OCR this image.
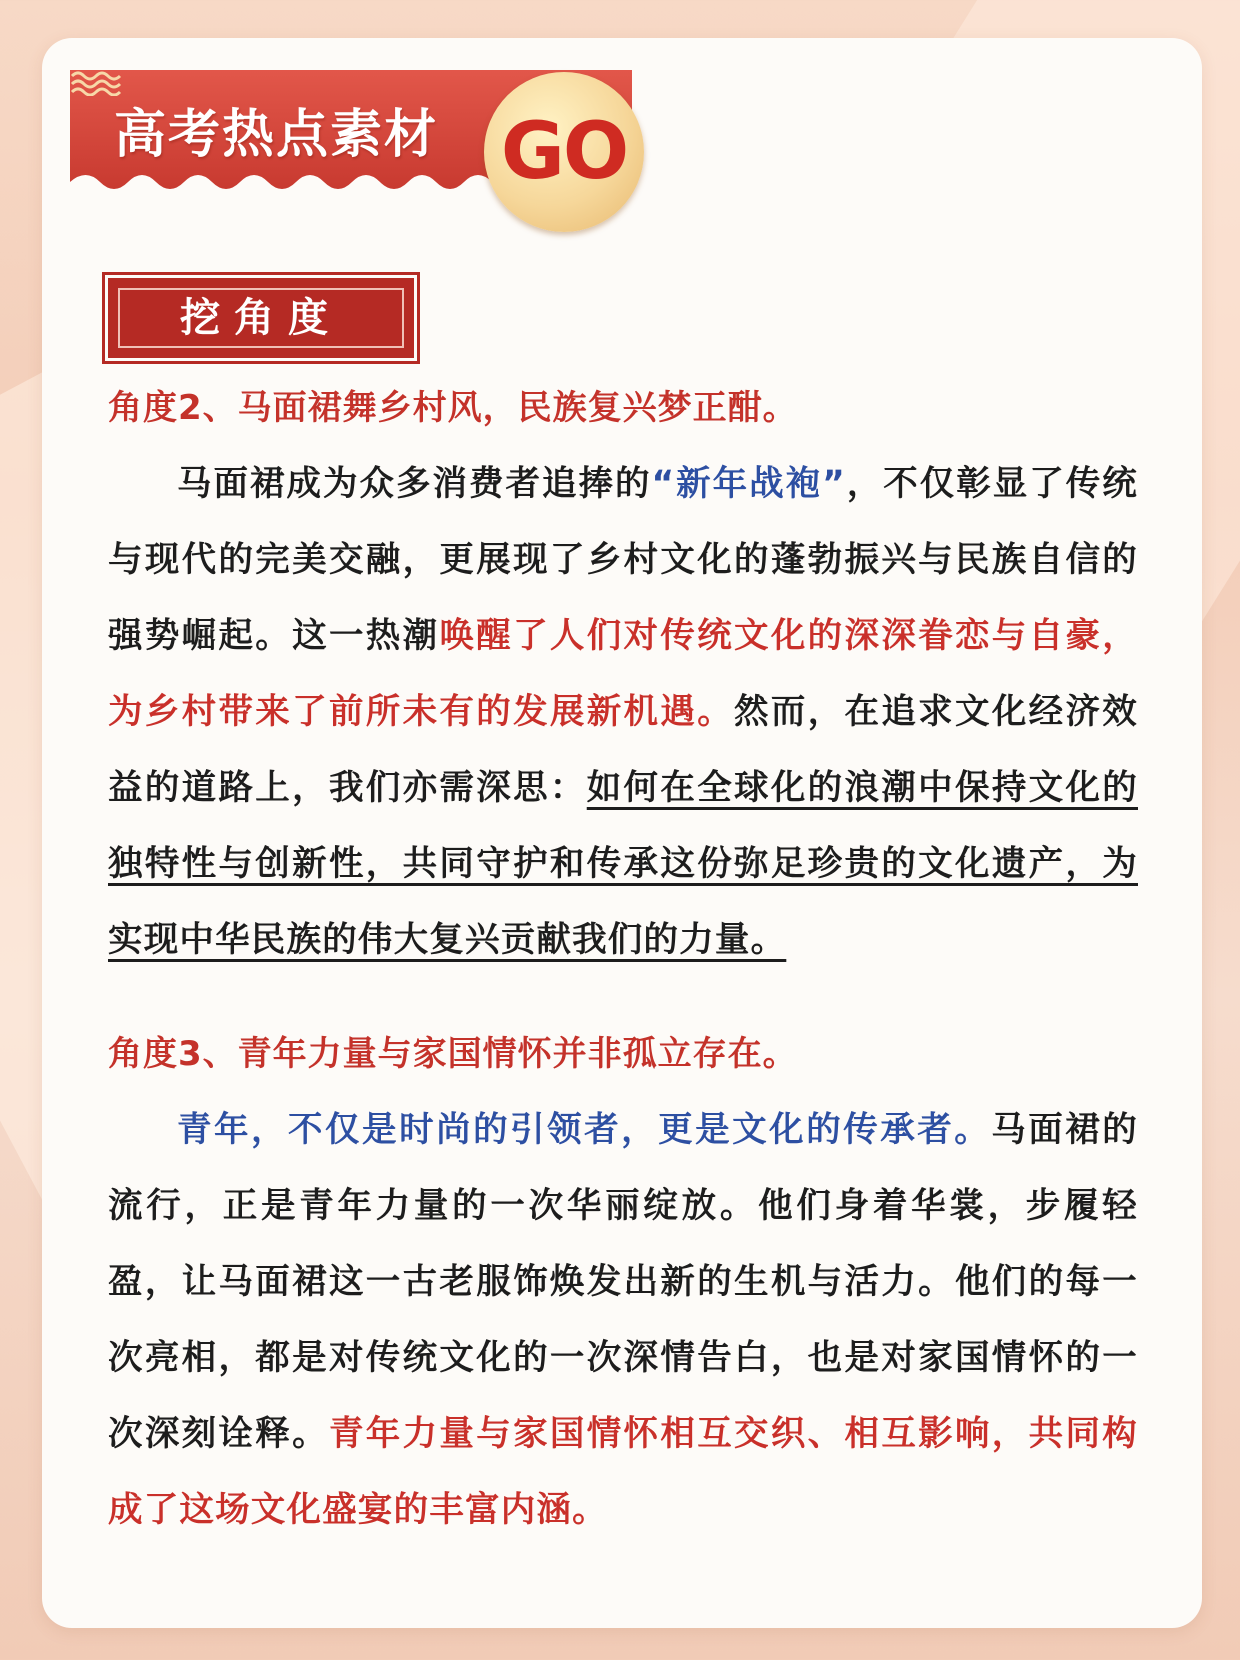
高考热点素材 GO
挖角度

角度2、马面裙舞乡村风，民族复兴梦正酣。

马面裙成为众多消费者追捧的“新年战袍”，不仅彰显了传统与现代的完美交融，更展现了乡村文化的蓬勃振兴与民族自信的强势崛起。这一热潮唤醒了人们对传统文化的深深眷恋与自豪，为乡村带来了前所未有的发展新机遇。然而，在追求文化经济效益的道路上，我们亦需深思：如何在全球化的浪潮中保持文化的独特性与创新性，共同守护和传承这份弥足珍贵的文化遗产，为实现中华民族的伟大复兴贡献我们的力量。

角度3、青年力量与家国情怀并非孤立存在。

青年，不仅是时尚的引领者，更是文化的传承者。马面裙的流行，正是青年力量的一次华丽绽放。他们身着华裳，步履轻盈，让马面裙这一古老服饰焕发出新的生机与活力。他们的每一次亮相，都是对传统文化的一次深情告白，也是对家国情怀的一次深刻诠释。青年力量与家国情怀相互交织、相互影响，共同构成了这场文化盛宴的丰富内涵。
